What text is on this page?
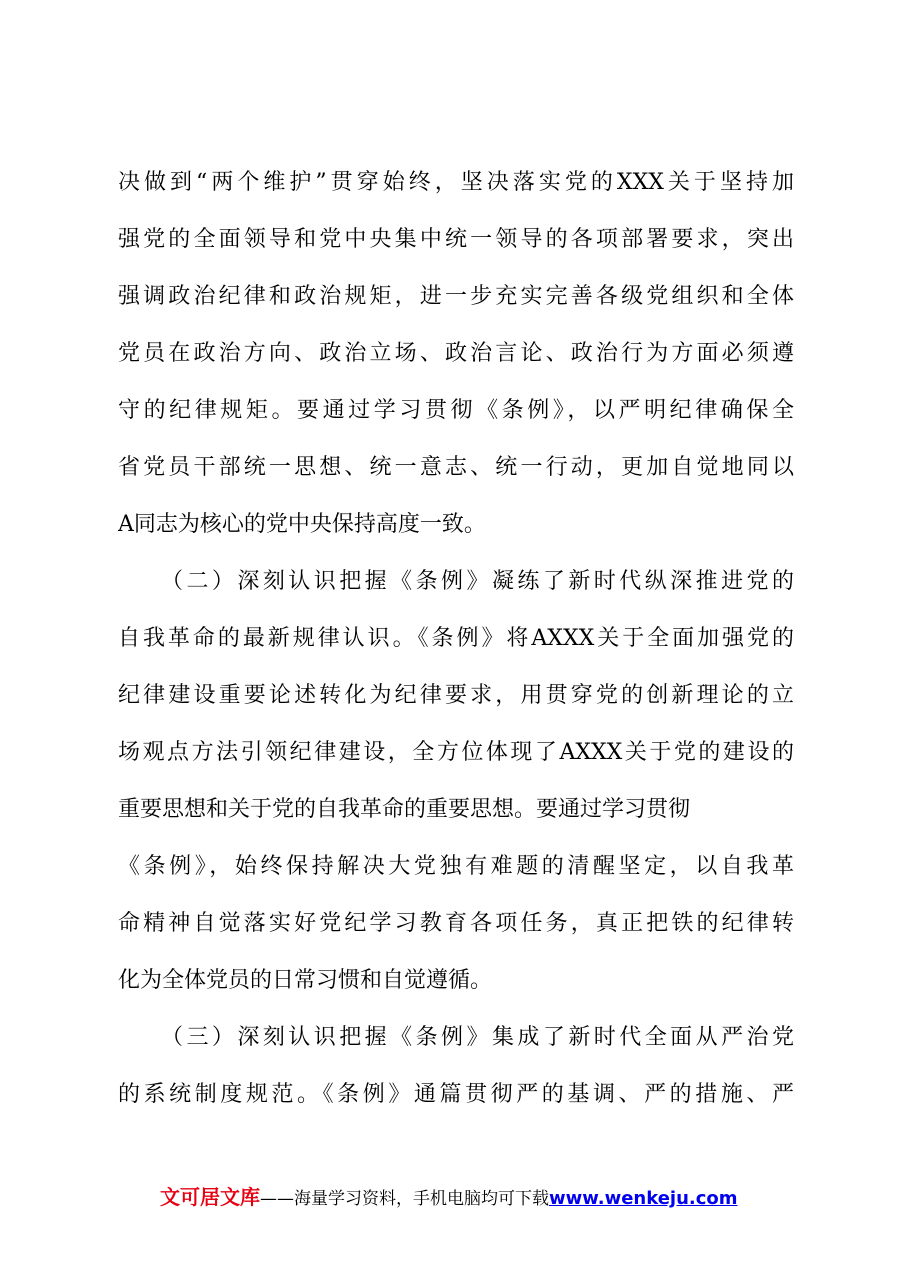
决做到“两个维护”贯穿始终，坚决落实党的XXX关于坚持加
强党的全面领导和党中央集中统一领导的各项部署要求，突出
强调政治纪律和政治规矩，进一步充实完善各级党组织和全体
党员在政治方向、政治立场、政治言论、政治行为方面必须遵
守的纪律规矩。要通过学习贯彻《条例》，以严明纪律确保全
省党员干部统一思想、统一意志、统一行动，更加自觉地同以
A同志为核心的党中央保持高度一致。
（二）深刻认识把握《条例》凝练了新时代纵深推进党的
自我革命的最新规律认识。《条例》将AXXX关于全面加强党的
纪律建设重要论述转化为纪律要求，用贯穿党的创新理论的立
场观点方法引领纪律建设，全方位体现了AXXX关于党的建设的
重要思想和关于党的自我革命的重要思想。要通过学习贯彻
《条例》，始终保持解决大党独有难题的清醒坚定，以自我革
命精神自觉落实好党纪学习教育各项任务，真正把铁的纪律转
化为全体党员的日常习惯和自觉遵循。
（三）深刻认识把握《条例》集成了新时代全面从严治党
的系统制度规范。《条例》通篇贯彻严的基调、严的措施、严
文可居文库——海量学习资料，手机电脑均可下载www.wenkeju.com
